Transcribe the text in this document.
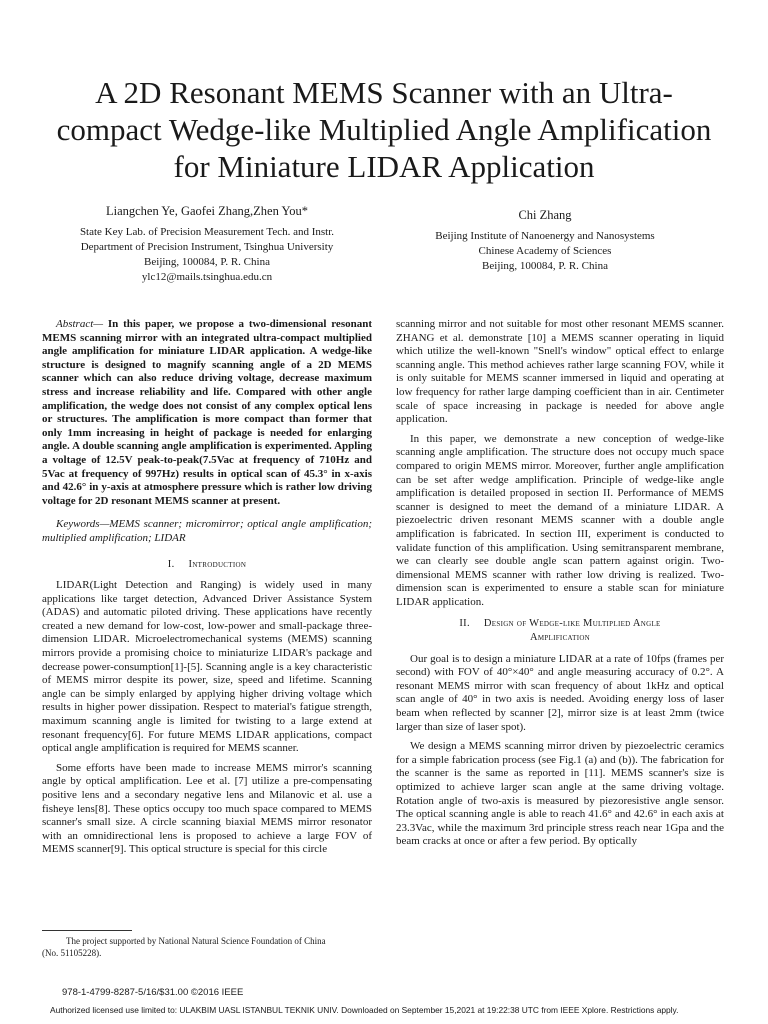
A 2D Resonant MEMS Scanner with an Ultra-
compact Wedge-like Multiplied Angle Amplification
for Miniature LIDAR Application
Liangchen Ye, Gaofei Zhang,Zhen You*
State Key Lab. of Precision Measurement Tech. and Instr.
Department of Precision Instrument, Tsinghua University
Beijing, 100084, P. R. China
ylc12@mails.tsinghua.edu.cn
Chi Zhang
Beijing Institute of Nanoenergy and Nanosystems
Chinese Academy of Sciences
Beijing, 100084, P. R. China

Abstract— In this paper, we propose a two-dimensional resonant MEMS scanning mirror with an integrated ultra-compact multiplied angle amplification for miniature LIDAR application. A wedge-like structure is designed to magnify scanning angle of a 2D MEMS scanner which can also reduce driving voltage, decrease maximum stress and increase reliability and life. Compared with other angle amplification, the wedge does not consist of any complex optical lens or structures. The amplification is more compact than former that only 1mm increasing in height of package is needed for enlarging angle. A double scanning angle amplification is experimented. Appling a voltage of 12.5V peak-to-peak(7.5Vac at frequency of 710Hz and 5Vac at frequency of 997Hz) results in optical scan of 45.3° in x-axis and 42.6° in y-axis at atmosphere pressure which is rather low driving voltage for 2D resonant MEMS scanner at present.

Keywords—MEMS scanner; micromirror; optical angle amplification; multiplied amplification; LIDAR

I. Introduction

LIDAR(Light Detection and Ranging) is widely used in many applications like target detection, Advanced Driver Assistance System (ADAS) and automatic piloted driving. These applications have recently created a new demand for low-cost, low-power and small-package three-dimension LIDAR. Microelectromechanical systems (MEMS) scanning mirrors provide a promising choice to miniaturize LIDAR's package and decrease power-consumption[1]-[5]. Scanning angle is a key characteristic of MEMS mirror despite its power, size, speed and lifetime. Scanning angle can be simply enlarged by applying higher driving voltage which results in higher power dissipation. Respect to material's fatigue strength, maximum scanning angle is limited for twisting to a large extend at resonant frequency[6]. For future MEMS LIDAR applications, compact optical angle amplification is required for MEMS scanner.

Some efforts have been made to increase MEMS mirror's scanning angle by optical amplification. Lee et al. [7] utilize a pre-compensating positive lens and a secondary negative lens and Milanovic et al. use a fisheye lens[8]. These optics occupy too much space compared to MEMS scanner's small size. A circle scanning biaxial MEMS mirror resonator with an omnidirectional lens is proposed to achieve a large FOV of MEMS scanner[9]. This optical structure is special for this circle

scanning mirror and not suitable for most other resonant MEMS scanner. ZHANG et al. demonstrate [10] a MEMS scanner operating in liquid which utilize the well-known "Snell's window" optical effect to enlarge scanning angle. This method achieves rather large scanning FOV, while it is only suitable for MEMS scanner immersed in liquid and operating at low frequency for rather large damping coefficient than in air. Centimeter scale of space increasing in package is needed for above angle application.

In this paper, we demonstrate a new conception of wedge-like scanning angle amplification. The structure does not occupy much space compared to origin MEMS mirror. Moreover, further angle amplification can be set after wedge amplification. Principle of wedge-like angle amplification is detailed proposed in section II. Performance of MEMS scanner is designed to meet the demand of a miniature LIDAR. A piezoelectric driven resonant MEMS scanner with a double angle amplification is fabricated. In section III, experiment is conducted to validate function of this amplification. Using semitransparent membrane, we can clearly see double angle scan pattern against origin. Two-dimensional MEMS scanner with rather low driving is realized. Two-dimension scan is experimented to ensure a stable scan for miniature LIDAR application.

II. Design of Wedge-like Multiplied Angle
Amplification

Our goal is to design a miniature LIDAR at a rate of 10fps (frames per second) with FOV of 40°×40° and angle measuring accuracy of 0.2°. A resonant MEMS mirror with scan frequency of about 1kHz and optical scan angle of 40° in two axis is needed. Avoiding energy loss of laser beam when reflected by scanner [2], mirror size is at least 2mm (twice larger than size of laser spot).

We design a MEMS scanning mirror driven by piezoelectric ceramics for a simple fabrication process (see Fig.1 (a) and (b)). The fabrication for the scanner is the same as reported in [11]. MEMS scanner's size is optimized to achieve larger scan angle at the same driving voltage. Rotation angle of two-axis is measured by piezoresistive angle sensor. The optical scanning angle is able to reach 41.6° and 42.6° in each axis at 23.3Vac, while the maximum 3rd principle stress reach near 1Gpa and the beam cracks at once or after a few period. By optically

The project supported by National Natural Science Foundation of China
(No. 51105228).
978-1-4799-8287-5/16/$31.00 ©2016 IEEE
Authorized licensed use limited to: ULAKBIM UASL ISTANBUL TEKNIK UNIV. Downloaded on September 15,2021 at 19:22:38 UTC from IEEE Xplore. Restrictions apply.
